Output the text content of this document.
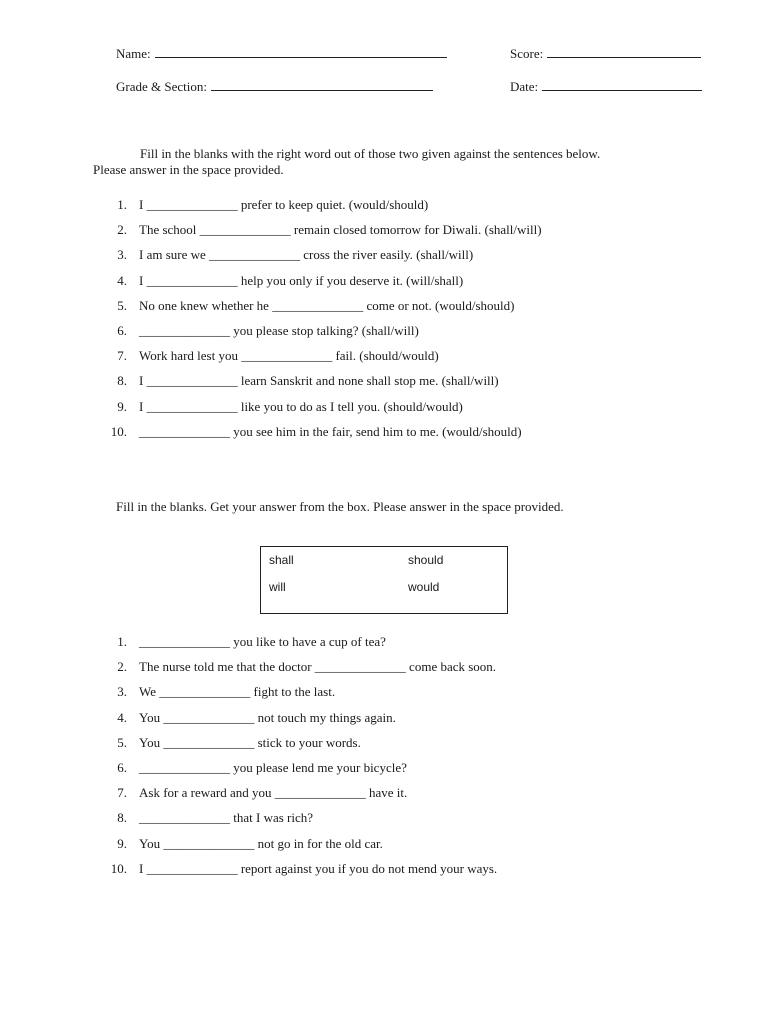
Name:	Score:
Grade & Section:	Date:

Fill in the blanks with the right word out of those two given against the sentences below.
Please answer in the space provided.

1. I ______________ prefer to keep quiet. (would/should)
2. The school ______________ remain closed tomorrow for Diwali. (shall/will)
3. I am sure we ______________ cross the river easily. (shall/will)
4. I ______________ help you only if you deserve it. (will/shall)
5. No one knew whether he ______________ come or not. (would/should)
6. ______________ you please stop talking? (shall/will)
7. Work hard lest you ______________ fail. (should/would)
8. I ______________ learn Sanskrit and none shall stop me. (shall/will)
9. I ______________ like you to do as I tell you. (should/would)
10. ______________ you see him in the fair, send him to me. (would/should)

Fill in the blanks. Get your answer from the box. Please answer in the space provided.

shall	should
will	would
1. ______________ you like to have a cup of tea?
2. The nurse told me that the doctor ______________ come back soon.
3. We ______________ fight to the last.
4. You ______________ not touch my things again.
5. You ______________ stick to your words.
6. ______________ you please lend me your bicycle?
7. Ask for a reward and you ______________ have it.
8. ______________ that I was rich?
9. You ______________ not go in for the old car.
10. I ______________ report against you if you do not mend your ways.
